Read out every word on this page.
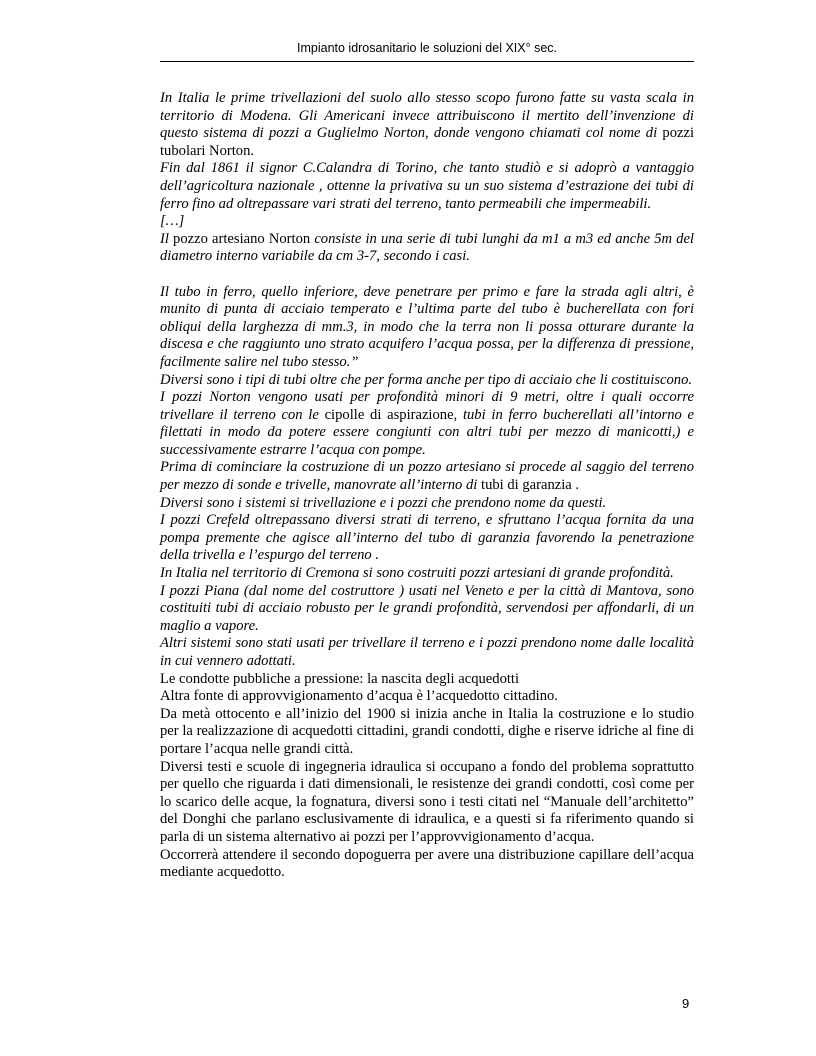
Impianto idrosanitario le soluzioni del XIX° sec.

In Italia le prime trivellazioni del suolo allo stesso scopo furono fatte su vasta scala in territorio di Modena. Gli Americani invece attribuiscono il mertito dell’invenzione di questo sistema di pozzi a Guglielmo Norton, donde vengono chiamati col nome di pozzi tubolari Norton.

Fin dal 1861 il signor C.Calandra di Torino, che tanto studiò e si adoprò a vantaggio dell’agricoltura nazionale , ottenne la privativa su un suo sistema d’estrazione dei tubi di ferro fino ad oltrepassare vari strati del terreno, tanto permeabili che impermeabili.

[…]

Il pozzo artesiano Norton consiste in una serie di tubi lunghi da m1 a m3 ed anche 5m del diametro interno variabile da cm 3-7, secondo i casi.

Il tubo in ferro, quello inferiore, deve penetrare per primo e fare la strada agli altri, è munito di punta di acciaio temperato e l’ultima parte del tubo è bucherellata con fori obliqui della larghezza di mm.3, in modo che la terra non li possa otturare durante la discesa e che raggiunto uno strato acquifero l’acqua possa, per la differenza di pressione, facilmente salire nel tubo stesso.”

Diversi sono i tipi di tubi oltre che per forma anche per tipo di acciaio che li costituiscono.

I pozzi Norton vengono usati per profondità minori di 9 metri, oltre i quali occorre trivellare il terreno con le cipolle di aspirazione, tubi in ferro bucherellati all’intorno e filettati in modo da potere essere congiunti con altri tubi per mezzo di manicotti,) e successivamente estrarre l’acqua con pompe.

Prima di cominciare la costruzione di un pozzo artesiano si procede al saggio del terreno per mezzo di sonde e trivelle, manovrate all’interno di tubi di garanzia .

Diversi sono i sistemi si trivellazione e i pozzi che prendono nome da questi.

I pozzi Crefeld oltrepassano diversi strati di terreno, e sfruttano l’acqua fornita da una pompa premente che agisce all’interno del tubo di garanzia favorendo la penetrazione della trivella e l’espurgo del terreno .

In Italia nel territorio di Cremona si sono costruiti pozzi artesiani di grande profondità.

I pozzi Piana (dal nome del costruttore ) usati nel Veneto e per la città di Mantova, sono costituiti tubi di acciaio robusto per le grandi profondità, servendosi per affondarli, di un maglio a vapore.

Altri sistemi sono stati usati per trivellare il terreno e i pozzi prendono nome dalle località in cui vennero adottati.

Le condotte pubbliche a pressione: la nascita degli acquedotti

Altra fonte di approvvigionamento d’acqua è l’acquedotto cittadino.

Da metà ottocento e all’inizio del 1900 si inizia anche in Italia la costruzione e lo studio per la realizzazione di acquedotti cittadini, grandi condotti, dighe e riserve idriche al fine di portare l’acqua nelle grandi città.

Diversi testi e scuole di ingegneria idraulica si occupano a fondo del problema soprattutto per quello che riguarda i dati dimensionali, le resistenze dei grandi condotti, così come per lo scarico delle acque, la fognatura, diversi sono i testi citati nel “Manuale dell’architetto” del Donghi che parlano esclusivamente di idraulica, e a questi si fa riferimento quando si parla di un sistema alternativo ai pozzi per l’approvvigionamento d’acqua.

Occorrerà attendere il secondo dopoguerra per avere una distribuzione capillare dell’acqua mediante acquedotto.

9
